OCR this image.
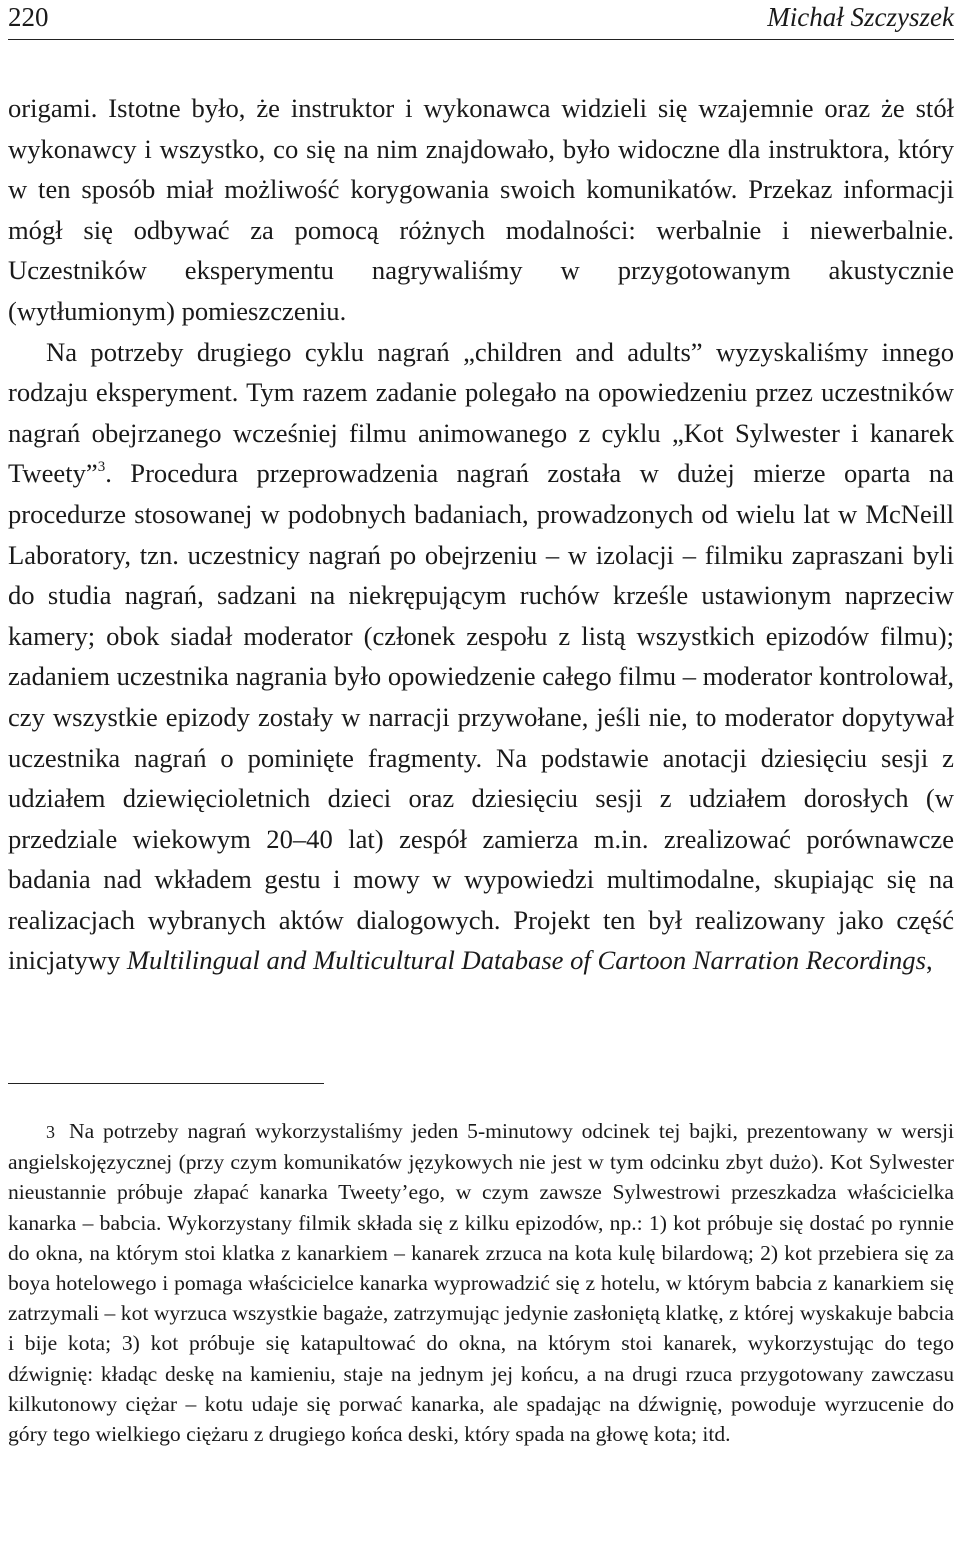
220	Michał Szczyszek

origami. Istotne było, że instruktor i wykonawca widzieli się wzajemnie oraz że stół wykonawcy i wszystko, co się na nim znajdowało, było widoczne dla instruktora, który w ten sposób miał możliwość korygowania swoich komunikatów. Przekaz informacji mógł się odbywać za pomocą różnych modalności: werbalnie i niewerbalnie. Uczestników eksperymentu nagrywaliśmy w przygotowanym akustycznie (wytłumionym) pomieszczeniu.

Na potrzeby drugiego cyklu nagrań „children and adults” wyzyskaliśmy innego rodzaju eksperyment. Tym razem zadanie polegało na opowiedzeniu przez uczestników nagrań obejrzanego wcześniej filmu animowanego z cyklu „Kot Sylwester i kanarek Tweety”$^3$. Procedura przeprowadzenia nagrań została w dużej mierze oparta na procedurze stosowanej w podobnych badaniach, prowadzonych od wielu lat w McNeill Laboratory, tzn. uczestnicy nagrań po obejrzeniu – w izolacji – filmiku zapraszani byli do studia nagrań, sadzani na niekrępującym ruchów krześle ustawionym naprzeciw kamery; obok siadał moderator (członek zespołu z listą wszystkich epizodów filmu); zadaniem uczestnika nagrania było opowiedzenie całego filmu – moderator kontrolował, czy wszystkie epizody zostały w narracji przywołane, jeśli nie, to moderator dopytywał uczestnika nagrań o pominięte fragmenty. Na podstawie anotacji dziesięciu sesji z udziałem dziewięcioletnich dzieci oraz dziesięciu sesji z udziałem dorosłych (w przedziale wiekowym 20–40 lat) zespół zamierza m.in. zrealizować porównawcze badania nad wkładem gestu i mowy w wypowiedzi multimodalne, skupiając się na realizacjach wybranych aktów dialogowych. Projekt ten był realizowany jako część inicjatywy Multilingual and Multicultural Database of Cartoon Narration Recordings,

3 Na potrzeby nagrań wykorzystaliśmy jeden 5-minutowy odcinek tej bajki, prezentowany w wersji angielskojęzycznej (przy czym komunikatów językowych nie jest w tym odcinku zbyt dużo). Kot Sylwester nieustannie próbuje złapać kanarka Tweety’ego, w czym zawsze Sylwestrowi przeszkadza właścicielka kanarka – babcia. Wykorzystany filmik składa się z kilku epizodów, np.: 1) kot próbuje się dostać po rynnie do okna, na którym stoi klatka z kanarkiem – kanarek zrzuca na kota kulę bilardową; 2) kot przebiera się za boya hotelowego i pomaga właścicielce kanarka wyprowadzić się z hotelu, w którym babcia z kanarkiem się zatrzymali – kot wyrzuca wszystkie bagaże, zatrzymując jedynie zasłoniętą klatkę, z której wyskakuje babcia i bije kota; 3) kot próbuje się katapultować do okna, na którym stoi kanarek, wykorzystując do tego dźwignię: kładąc deskę na kamieniu, staje na jednym jej końcu, a na drugi rzuca przygotowany zawczasu kilkutonowy ciężar – kotu udaje się porwać kanarka, ale spadając na dźwignię, powoduje wyrzucenie do góry tego wielkiego ciężaru z drugiego końca deski, który spada na głowę kota; itd.
